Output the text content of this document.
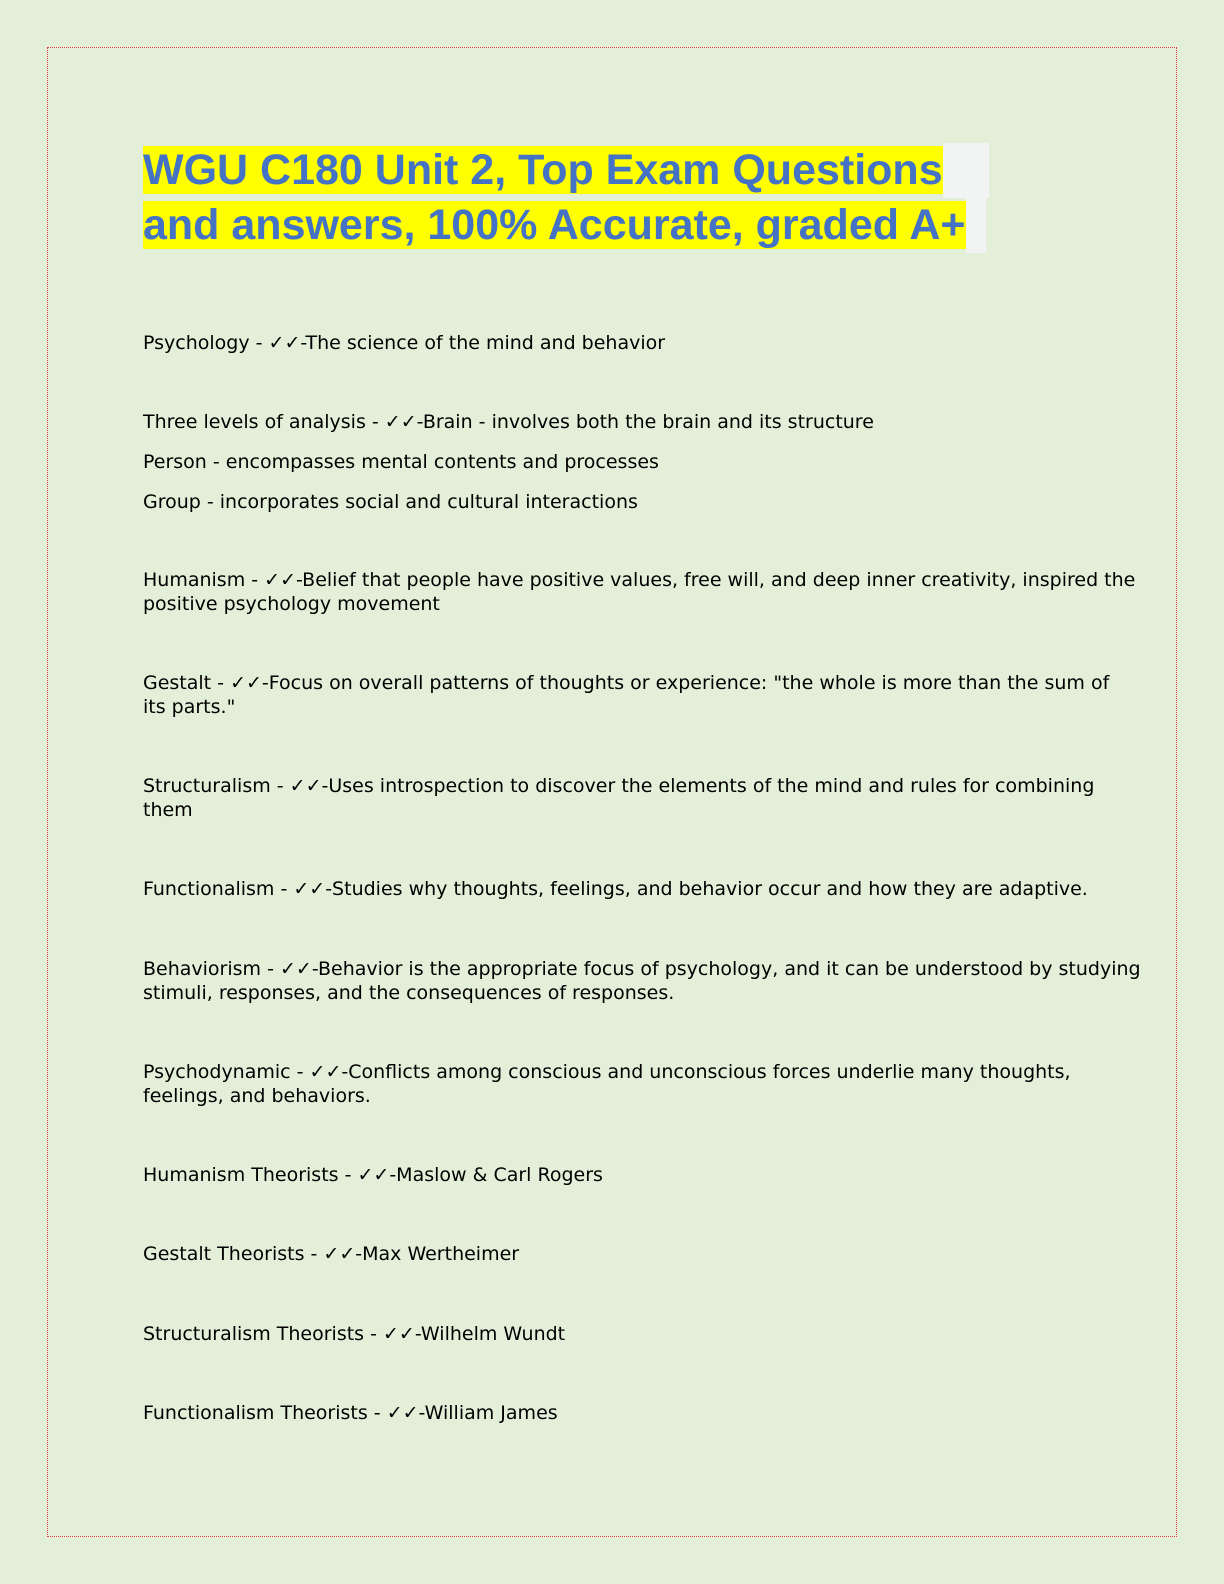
WGU C180 Unit 2, Top Exam Questions
and answers, 100% Accurate, graded A+
Psychology - ✓✓-The science of the mind and behavior
Three levels of analysis - ✓✓-Brain - involves both the brain and its structure
Person - encompasses mental contents and processes
Group - incorporates social and cultural interactions
Humanism - ✓✓-Belief that people have positive values, free will, and deep inner creativity, inspired the
positive psychology movement
Gestalt - ✓✓-Focus on overall patterns of thoughts or experience: "the whole is more than the sum of
its parts."
Structuralism - ✓✓-Uses introspection to discover the elements of the mind and rules for combining
them
Functionalism - ✓✓-Studies why thoughts, feelings, and behavior occur and how they are adaptive.
Behaviorism - ✓✓-Behavior is the appropriate focus of psychology, and it can be understood by studying
stimuli, responses, and the consequences of responses.
Psychodynamic - ✓✓-Conflicts among conscious and unconscious forces underlie many thoughts,
feelings, and behaviors.
Humanism Theorists - ✓✓-Maslow & Carl Rogers
Gestalt Theorists - ✓✓-Max Wertheimer
Structuralism Theorists - ✓✓-Wilhelm Wundt
Functionalism Theorists - ✓✓-William James
